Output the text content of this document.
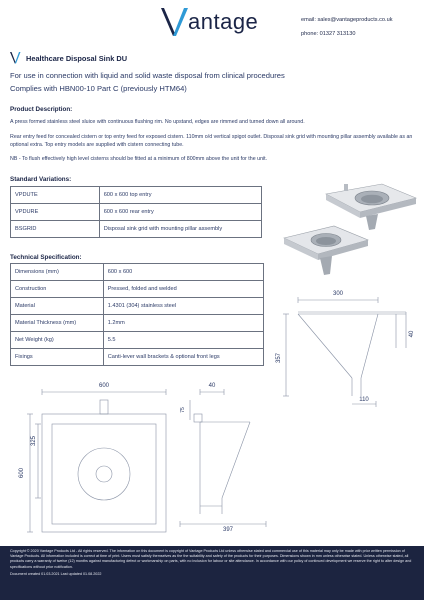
antage	email: sales@vantageproducts.co.uk
phone: 01327 313130
Healthcare Disposal Sink DU
For use in connection with liquid and solid waste disposal from clinical procedures
Complies with HBN00-10 Part C (previously HTM64)
Product Description:
A press formed stainless steel sluice with continuous flushing rim. No upstand, edges are rimmed and turned down all around.
Rear entry feed for concealed cistern or top entry feed for exposed cistern. 110mm o/d vertical spigot outlet. Disposal sink grid with mounting pillar assembly available as an optional extra. Top entry models are supplied with cistern connecting tube.
NB - To flush effectively high level cisterns should be fitted at a minimum of 800mm above the unit for the unit.
Standard Variations:
VPDUTE	600 x 600 top entry
VPDURE	600 x 600 rear entry
BSGRID	Disposal sink grid with mounting pillar assembly
Technical Specification:
Dimensions (mm)	600 x 600
Construction	Pressed, folded and welded
Material	1.4301 (304) stainless steel
Material Thickness (mm)	1.2mm
Net Weight (kg)	5.5
Fixings	Canti-lever wall brackets & optional front legs
300
357
40
110
600	40
75
325
600
397

Copyright © 2020 Vantage Products Ltd - All rights reserved. The information on this document is copyright of Vantage Products Ltd unless otherwise stated and commercial use of this material may only be made with prior written permission of Vantage Products. All information included is correct at time of print. Users must satisfy themselves as the the suitability and safety of the products for their purposes. Dimensions shown in mm unless otherwise stated. Unless otherwise stated, all products carry a warranty of twelve (12) months against manufacturing defect or workmanship on parts, with no inclusion for labour or site attendance. In accordance with our policy of continued development we reserve the right to alter design and specifications without prior notification.

Document created 01.03.2021 Last updated 01.08.2022
